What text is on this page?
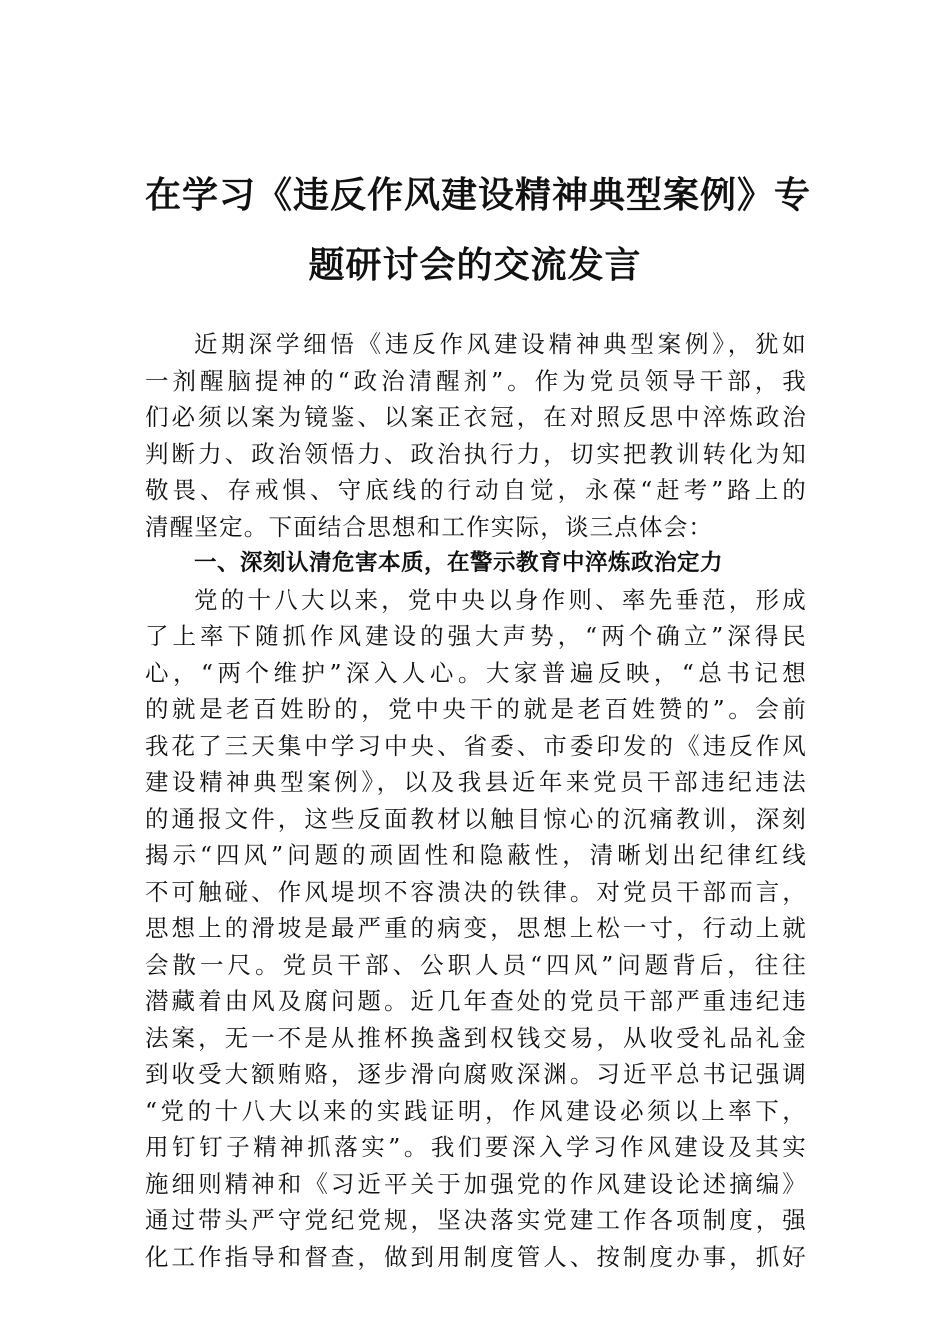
在学习《违反作风建设精神典型案例》专
题研讨会的交流发言
近期深学细悟《违反作风建设精神典型案例》，犹如
一剂醒脑提神的“政治清醒剂”。作为党员领导干部，我
们必须以案为镜鉴、以案正衣冠，在对照反思中淬炼政治
判断力、政治领悟力、政治执行力，切实把教训转化为知
敬畏、存戒惧、守底线的行动自觉，永葆“赶考”路上的
清醒坚定。下面结合思想和工作实际，谈三点体会：
一、深刻认清危害本质，在警示教育中淬炼政治定力
党的十八大以来，党中央以身作则、率先垂范，形成
了上率下随抓作风建设的强大声势，“两个确立”深得民
心，“两个维护”深入人心。大家普遍反映，“总书记想
的就是老百姓盼的，党中央干的就是老百姓赞的”。会前
我花了三天集中学习中央、省委、市委印发的《违反作风
建设精神典型案例》，以及我县近年来党员干部违纪违法
的通报文件，这些反面教材以触目惊心的沉痛教训，深刻
揭示“四风”问题的顽固性和隐蔽性，清晰划出纪律红线
不可触碰、作风堤坝不容溃决的铁律。对党员干部而言，
思想上的滑坡是最严重的病变，思想上松一寸，行动上就
会散一尺。党员干部、公职人员“四风”问题背后，往往
潜藏着由风及腐问题。近几年查处的党员干部严重违纪违
法案，无一不是从推杯换盏到权钱交易，从收受礼品礼金
到收受大额贿赂，逐步滑向腐败深渊。习近平总书记强调
“党的十八大以来的实践证明，作风建设必须以上率下，
用钉钉子精神抓落实”。我们要深入学习作风建设及其实
施细则精神和《习近平关于加强党的作风建设论述摘编》
通过带头严守党纪党规，坚决落实党建工作各项制度，强
化工作指导和督查，做到用制度管人、按制度办事，抓好
